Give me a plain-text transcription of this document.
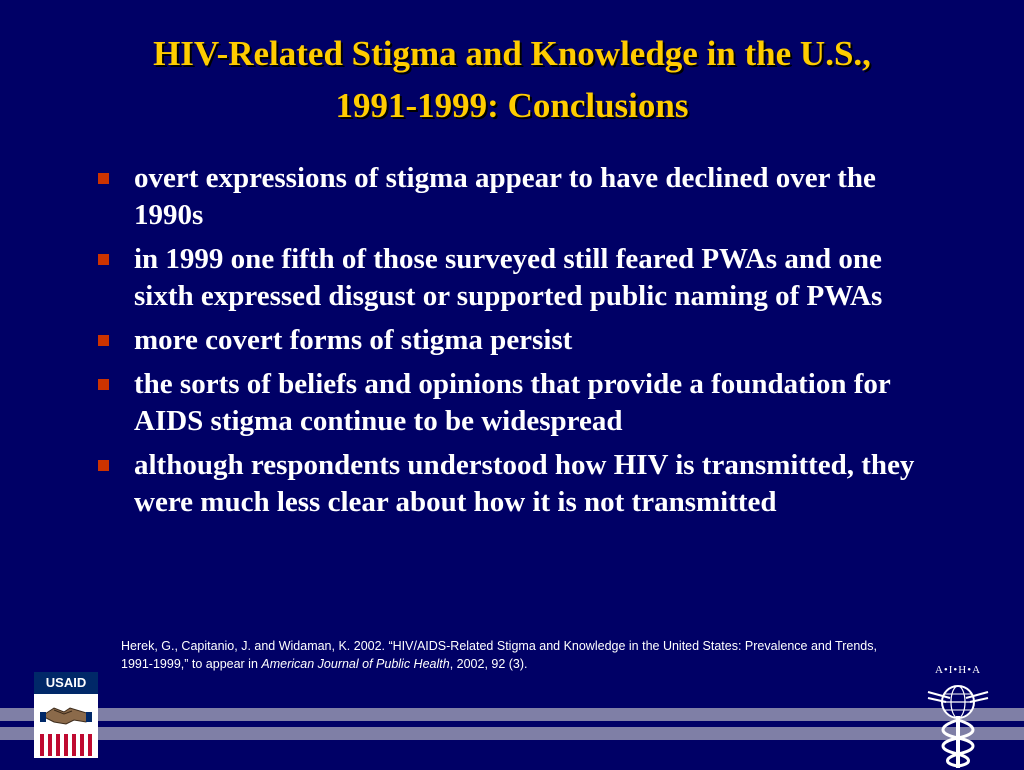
HIV-Related Stigma and Knowledge in the U.S.,
1991-1999: Conclusions
overt expressions of stigma appear to have declined over the 1990s
in 1999 one fifth of those surveyed still feared PWAs and one sixth expressed disgust or supported public naming of PWAs
more covert forms of stigma persist
the sorts of beliefs and opinions that provide a foundation for AIDS stigma continue to be widespread
although respondents understood how HIV is transmitted, they were much less clear about how it is not transmitted
Herek, G., Capitanio, J. and Widaman, K. 2002. “HIV/AIDS-Related Stigma and Knowledge in the United States: Prevalence and Trends, 1991-1999,” to appear in American Journal of Public Health, 2002, 92 (3).
USAID
A•I•H•A
